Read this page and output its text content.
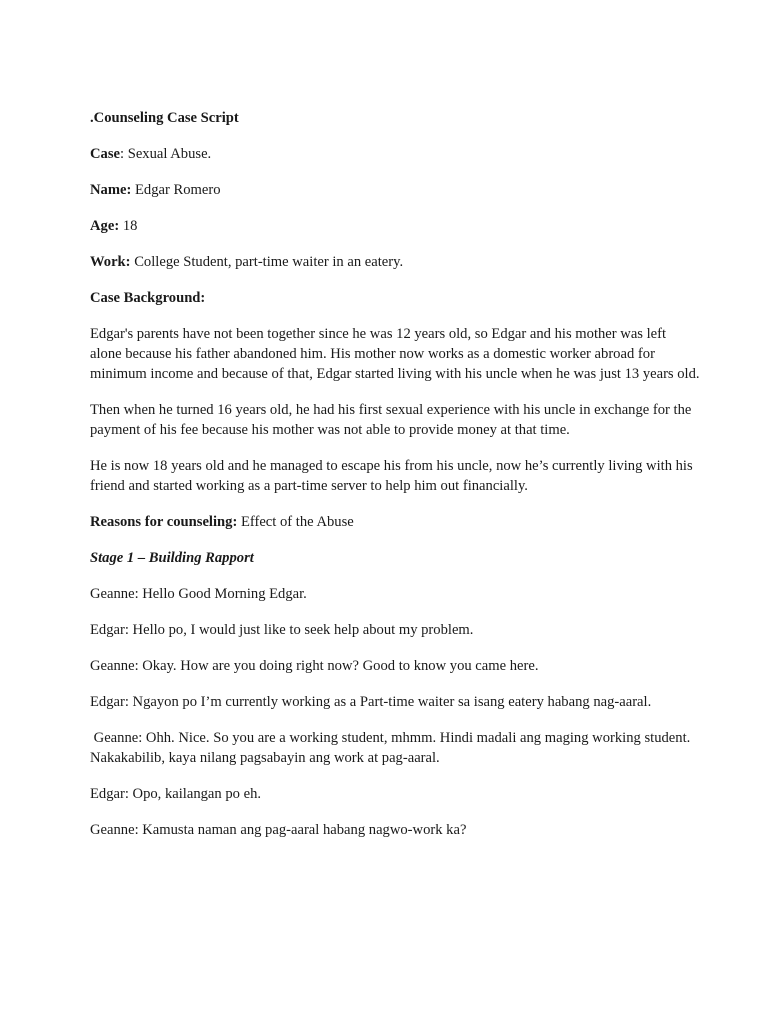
.Counseling Case Script

Case: Sexual Abuse.

Name: Edgar Romero

Age: 18

Work: College Student, part-time waiter in an eatery.

Case Background:

Edgar's parents have not been together since he was 12 years old, so Edgar and his mother was left alone because his father abandoned him. His mother now works as a domestic worker abroad for minimum income and because of that, Edgar started living with his uncle when he was just 13 years old.

Then when he turned 16 years old, he had his first sexual experience with his uncle in exchange for the payment of his fee because his mother was not able to provide money at that time.

He is now 18 years old and he managed to escape his from his uncle, now he’s currently living with his friend and started working as a part-time server to help him out financially.

Reasons for counseling: Effect of the Abuse

Stage 1 – Building Rapport

Geanne: Hello Good Morning Edgar.

Edgar: Hello po, I would just like to seek help about my problem.

Geanne: Okay. How are you doing right now? Good to know you came here.

Edgar: Ngayon po I’m currently working as a Part-time waiter sa isang eatery habang nag-aaral.

Geanne: Ohh. Nice. So you are a working student, mhmm. Hindi madali ang maging working student. Nakakabilib, kaya nilang pagsabayin ang work at pag-aaral.

Edgar: Opo, kailangan po eh.

Geanne: Kamusta naman ang pag-aaral habang nagwo-work ka?
